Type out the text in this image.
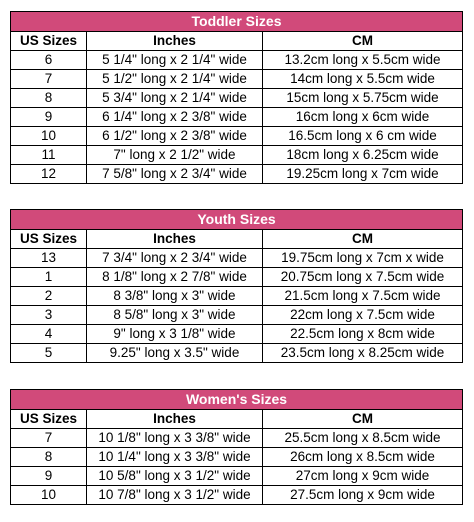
Toddler Sizes		
US Sizes	Inches	CM
6	5 1/4" long x 2 1/4" wide	13.2cm long x 5.5cm wide
7	5 1/2" long x 2 1/4" wide	14cm long x 5.5cm wide
8	5 3/4" long x 2 1/4" wide	15cm long x 5.75cm wide
9	6 1/4" long x 2 3/8" wide	16cm long x 6cm wide
10	6 1/2" long x 2 3/8" wide	16.5cm long x 6 cm wide
11	7" long x 2 1/2" wide	18cm long x 6.25cm wide
12	7 5/8" long x 2 3/4" wide	19.25cm long x 7cm wide
Youth Sizes		
US Sizes	Inches	CM
13	7 3/4" long x 2 3/4" wide	19.75cm long x 7cm x wide
1	8 1/8" long x 2 7/8" wide	20.75cm long x 7.5cm wide
2	8 3/8" long x 3" wide	21.5cm long x 7.5cm wide
3	8 5/8" long x 3" wide	22cm long x 7.5cm wide
4	9" long x 3 1/8" wide	22.5cm long x 8cm wide
5	9.25" long x 3.5" wide	23.5cm long x 8.25cm wide
Women's Sizes		
US Sizes	Inches	CM
7	10 1/8" long x 3 3/8" wide	25.5cm long x 8.5cm wide
8	10 1/4" long x 3 3/8" wide	26cm long x 8.5cm wide
9	10 5/8" long x 3 1/2" wide	27cm long x 9cm wide
10	10 7/8" long x 3 1/2" wide	27.5cm long x 9cm wide
